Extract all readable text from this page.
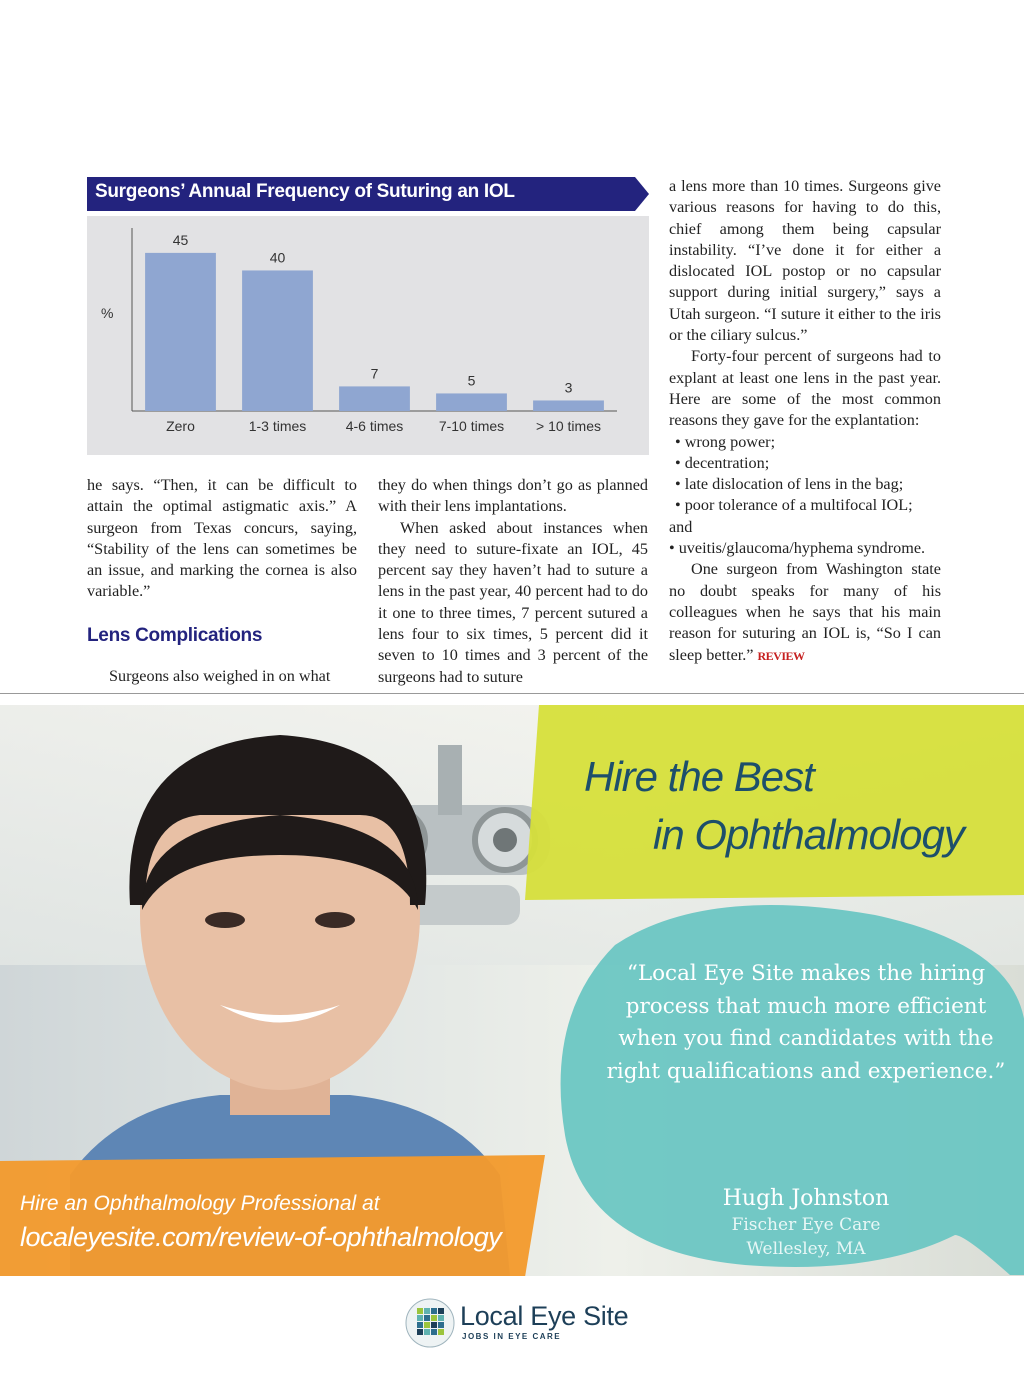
Surgeons’ Annual Frequency of Suturing an IOL
%
45
Zero
40
1-3 times
7
4-6 times
5
7-10 times
3
> 10 times

he says. “Then, it can be difficult to attain the optimal astigmatic axis.” A surgeon from Texas concurs, saying, “Stability of the lens can sometimes be an issue, and marking the cornea is also variable.”

Lens Complications

Surgeons also weighed in on what

they do when things don’t go as planned with their lens implantations.

When asked about instances when they need to suture-fixate an IOL, 45 percent say they haven’t had to suture a lens in the past year, 40 percent had to do it one to three times, 7 percent sutured a lens four to six times, 5 percent did it seven to 10 times and 3 percent of the surgeons had to suture

a lens more than 10 times. Surgeons give various reasons for having to do this, chief among them being capsular instability. “I’ve done it for either a dislocated IOL postop or no capsular support during initial surgery,” says a Utah surgeon. “I suture it either to the iris or the ciliary sulcus.”

Forty-four percent of surgeons had to explant at least one lens in the past year. Here are some of the most common reasons they gave for the explantation:

• wrong power;

• decentration;

• late dislocation of lens in the bag;

• poor tolerance of a multifocal IOL;

and

• uveitis/glaucoma/hyphema syndrome.

One surgeon from Washington state no doubt speaks for many of his colleagues when he says that his main reason for suturing an IOL is, “So I can sleep better.” REVIEW

Hire the Best
in Ophthalmology
“Local Eye Site makes the hiring process that much more efficient when you find candidates with the right qualifications and experience.”
Hugh Johnston
Fischer Eye Care
Wellesley, MA
Hire an Ophthalmology Professional at
localeyesite.com/review-of-ophthalmology
Local Eye Site
JOBS IN EYE CARE
